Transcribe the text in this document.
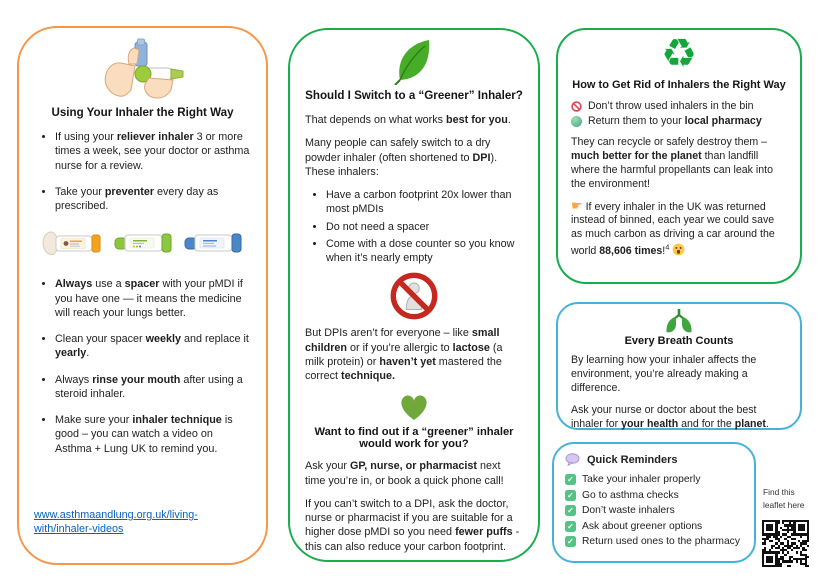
Using Your Inhaler the Right Way
• If using your reliever inhaler 3 or more times a week, see your doctor or asthma nurse for a review.
• Take your preventer every day as prescribed.
• Always use a spacer with your pMDI if you have one — it means the medicine will reach your lungs better.
• Clean your spacer weekly and replace it yearly.
• Always rinse your mouth after using a steroid inhaler.
• Make sure your inhaler technique is good – you can watch a video on Asthma + Lung UK to remind you.
www.asthmaandlung.org.uk/living-with/inhaler-videos
Should I Switch to a “Greener” Inhaler?

That depends on what works best for you.

Many people can safely switch to a dry powder inhaler (often shortened to DPI). These inhalers:

• Have a carbon footprint 20x lower than most pMDIs
• Do not need a spacer
• Come with a dose counter so you know when it’s nearly empty

But DPIs aren’t for everyone – like small children or if you’re allergic to lactose (a milk protein) or haven’t yet mastered the correct technique.

Want to find out if a “greener” inhaler would work for you?

Ask your GP, nurse, or pharmacist next time you’re in, or book a quick phone call!

If you can’t switch to a DPI, ask the doctor, nurse or pharmacist if you are suitable for a higher dose pMDI so you need fewer puffs - this can also reduce your carbon footprint.

♻
How to Get Rid of Inhalers the Right Way
Don’t throw used inhalers in the bin
Return them to your local pharmacy

They can recycle or safely destroy them – much better for the planet than landfill where the harmful propellants can leak into the environment!

☛ If every inhaler in the UK was returned instead of binned, each year we could save as much carbon as driving a car around the world 88,606 times!$^4$

Every Breath Counts

By learning how your inhaler affects the environment, you’re already making a difference.

Ask your nurse or doctor about the best inhaler for your health and for the planet.

Quick Reminders
✓ Take your inhaler properly
✓ Go to asthma checks
✓ Don’t waste inhalers
✓ Ask about greener options
✓ Return used ones to the pharmacy
Find this
leaflet here
